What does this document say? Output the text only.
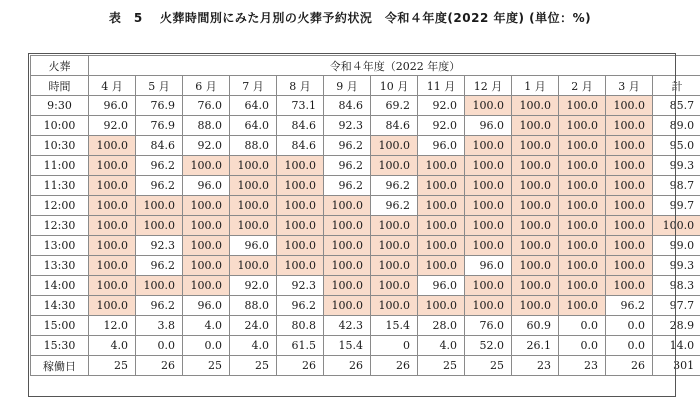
表　5　 火葬時間別にみた月別の火葬予約状況　令和４年度(2022 年度) (単位：%)
火葬	令和４年度（2022 年度）												
時間	4 月	5 月	6 月	7 月	8 月	9 月	10 月	11 月	12 月	1 月	2 月	3 月	計
9:30	96.0	76.9	76.0	64.0	73.1	84.6	69.2	92.0	100.0	100.0	100.0	100.0	85.7
10:00	92.0	76.9	88.0	64.0	84.6	92.3	84.6	92.0	96.0	100.0	100.0	100.0	89.0
10:30	100.0	84.6	92.0	88.0	84.6	96.2	100.0	96.0	100.0	100.0	100.0	100.0	95.0
11:00	100.0	96.2	100.0	100.0	100.0	96.2	100.0	100.0	100.0	100.0	100.0	100.0	99.3
11:30	100.0	96.2	96.0	100.0	100.0	96.2	96.2	100.0	100.0	100.0	100.0	100.0	98.7
12:00	100.0	100.0	100.0	100.0	100.0	100.0	96.2	100.0	100.0	100.0	100.0	100.0	99.7
12:30	100.0	100.0	100.0	100.0	100.0	100.0	100.0	100.0	100.0	100.0	100.0	100.0	100.0
13:00	100.0	92.3	100.0	96.0	100.0	100.0	100.0	100.0	100.0	100.0	100.0	100.0	99.0
13:30	100.0	96.2	100.0	100.0	100.0	100.0	100.0	100.0	96.0	100.0	100.0	100.0	99.3
14:00	100.0	100.0	100.0	92.0	92.3	100.0	100.0	96.0	100.0	100.0	100.0	100.0	98.3
14:30	100.0	96.2	96.0	88.0	96.2	100.0	100.0	100.0	100.0	100.0	100.0	96.2	97.7
15:00	12.0	3.8	4.0	24.0	80.8	42.3	15.4	28.0	76.0	60.9	0.0	0.0	28.9
15:30	4.0	0.0	0.0	4.0	61.5	15.4	0	4.0	52.0	26.1	0.0	0.0	14.0
稼働日	25	26	25	25	26	26	26	25	25	23	23	26	301
